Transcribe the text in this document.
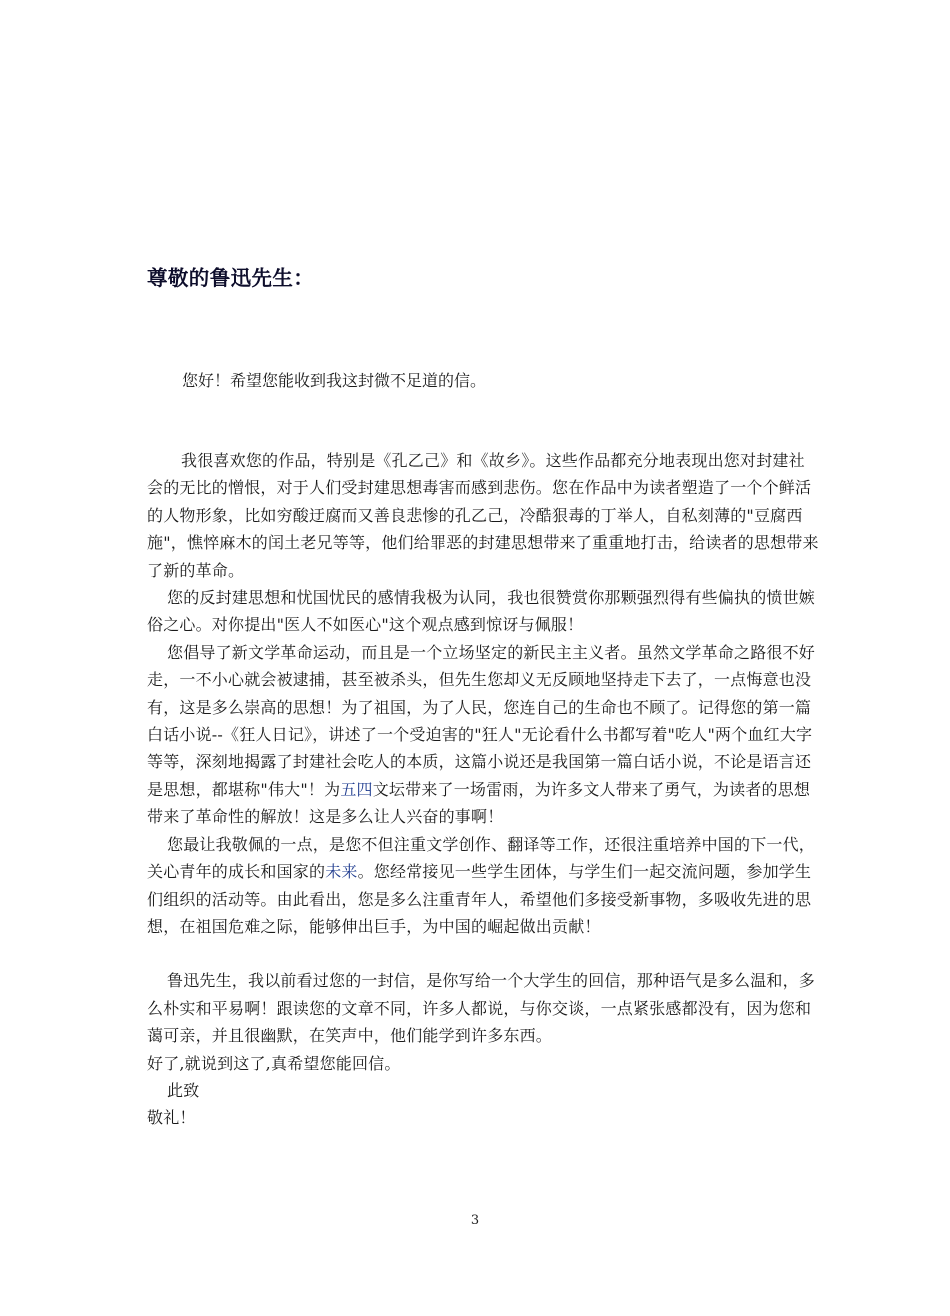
尊敬的鲁迅先生：

您好！希望您能收到我这封微不足道的信。

我很喜欢您的作品，特别是《孔乙己》和《故乡》。这些作品都充分地表现出您对封建社会的无比的憎恨，对于人们受封建思想毒害而感到悲伤。您在作品中为读者塑造了一个个鲜活的人物形象，比如穷酸迂腐而又善良悲惨的孔乙己，冷酷狠毒的丁举人，自私刻薄的"豆腐西施"，憔悴麻木的闰土老兄等等，他们给罪恶的封建思想带来了重重地打击，给读者的思想带来了新的革命。

您的反封建思想和忧国忧民的感情我极为认同，我也很赞赏你那颗强烈得有些偏执的愤世嫉俗之心。对你提出"医人不如医心"这个观点感到惊讶与佩服！

您倡导了新文学革命运动，而且是一个立场坚定的新民主主义者。虽然文学革命之路很不好走，一不小心就会被逮捕，甚至被杀头，但先生您却义无反顾地坚持走下去了，一点悔意也没有，这是多么崇高的思想！为了祖国，为了人民，您连自己的生命也不顾了。记得您的第一篇白话小说--《狂人日记》，讲述了一个受迫害的"狂人"无论看什么书都写着"吃人"两个血红大字等等，深刻地揭露了封建社会吃人的本质，这篇小说还是我国第一篇白话小说，不论是语言还是思想，都堪称"伟大"！为五四文坛带来了一场雷雨，为许多文人带来了勇气，为读者的思想带来了革命性的解放！这是多么让人兴奋的事啊！

您最让我敬佩的一点，是您不但注重文学创作、翻译等工作，还很注重培养中国的下一代，关心青年的成长和国家的未来。您经常接见一些学生团体，与学生们一起交流问题，参加学生们组织的活动等。由此看出，您是多么注重青年人，希望他们多接受新事物，多吸收先进的思想，在祖国危难之际，能够伸出巨手，为中国的崛起做出贡献！

鲁迅先生，我以前看过您的一封信，是你写给一个大学生的回信，那种语气是多么温和，多么朴实和平易啊！跟读您的文章不同，许多人都说，与你交谈，一点紧张感都没有，因为您和蔼可亲，并且很幽默，在笑声中，他们能学到许多东西。

好了,就说到这了,真希望您能回信。

此致

敬礼！

3
